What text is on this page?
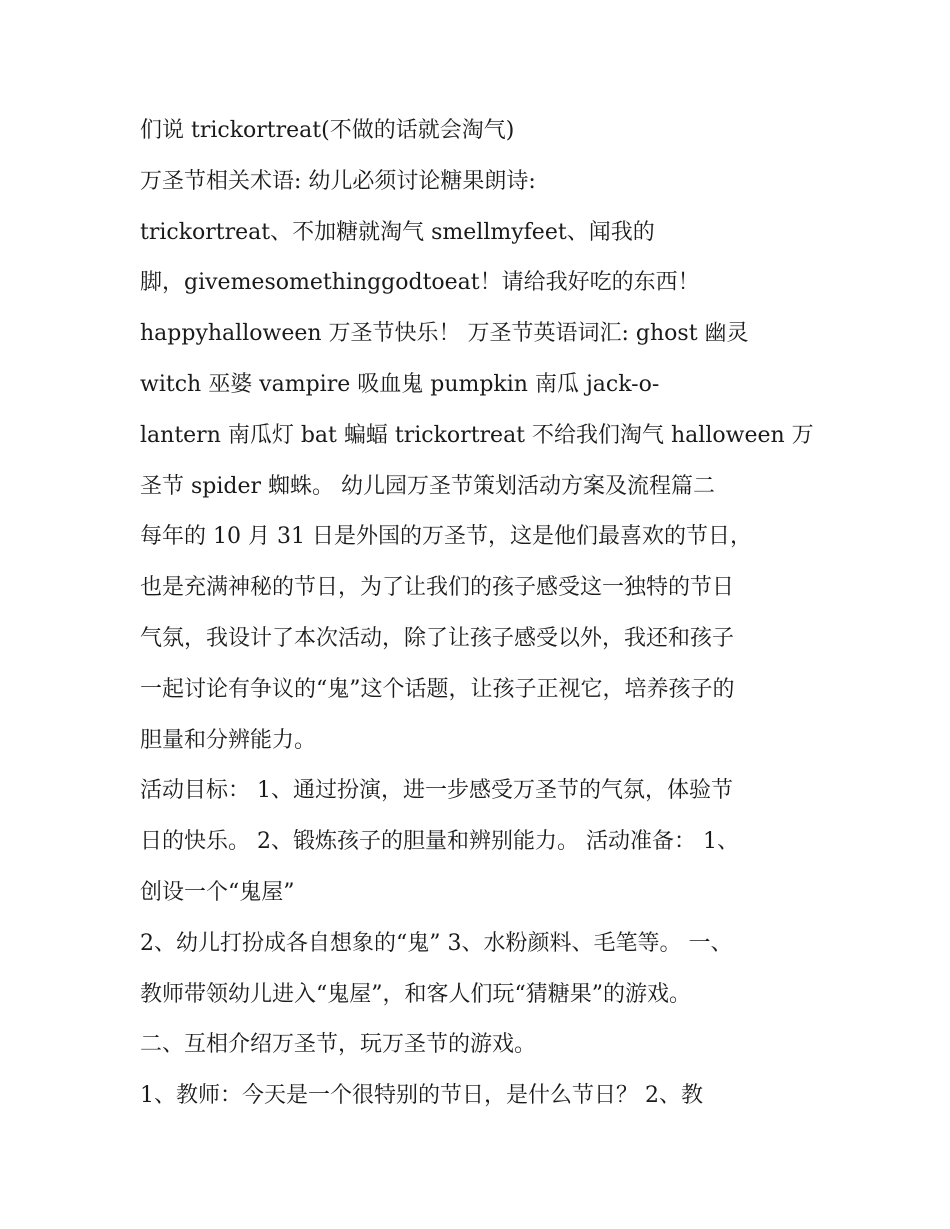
们说 trickortreat(不做的话就会淘气)
万圣节相关术语: 幼儿必须讨论糖果朗诗:
trickortreat、不加糖就淘气 smellmyfeet、闻我的
脚，givemesomethinggodtoeat！请给我好吃的东西！
happyhalloween 万圣节快乐！ 万圣节英语词汇: ghost 幽灵
witch 巫婆 vampire 吸血鬼 pumpkin 南瓜 jack-o-
lantern 南瓜灯 bat 蝙蝠 trickortreat 不给我们淘气 halloween 万
圣节 spider 蜘蛛。 幼儿园万圣节策划活动方案及流程篇二
每年的 10 月 31 日是外国的万圣节，这是他们最喜欢的节日，
也是充满神秘的节日，为了让我们的孩子感受这一独特的节日
气氛，我设计了本次活动，除了让孩子感受以外，我还和孩子
一起讨论有争议的“鬼”这个话题，让孩子正视它，培养孩子的
胆量和分辨能力。
活动目标： 1、通过扮演，进一步感受万圣节的气氛，体验节
日的快乐。 2、锻炼孩子的胆量和辨别能力。 活动准备： 1、
创设一个“鬼屋”
2、幼儿打扮成各自想象的“鬼” 3、水粉颜料、毛笔等。 一、
教师带领幼儿进入“鬼屋”，和客人们玩“猜糖果”的游戏。
二、互相介绍万圣节，玩万圣节的游戏。
1、教师：今天是一个很特别的节日，是什么节日？ 2、教
